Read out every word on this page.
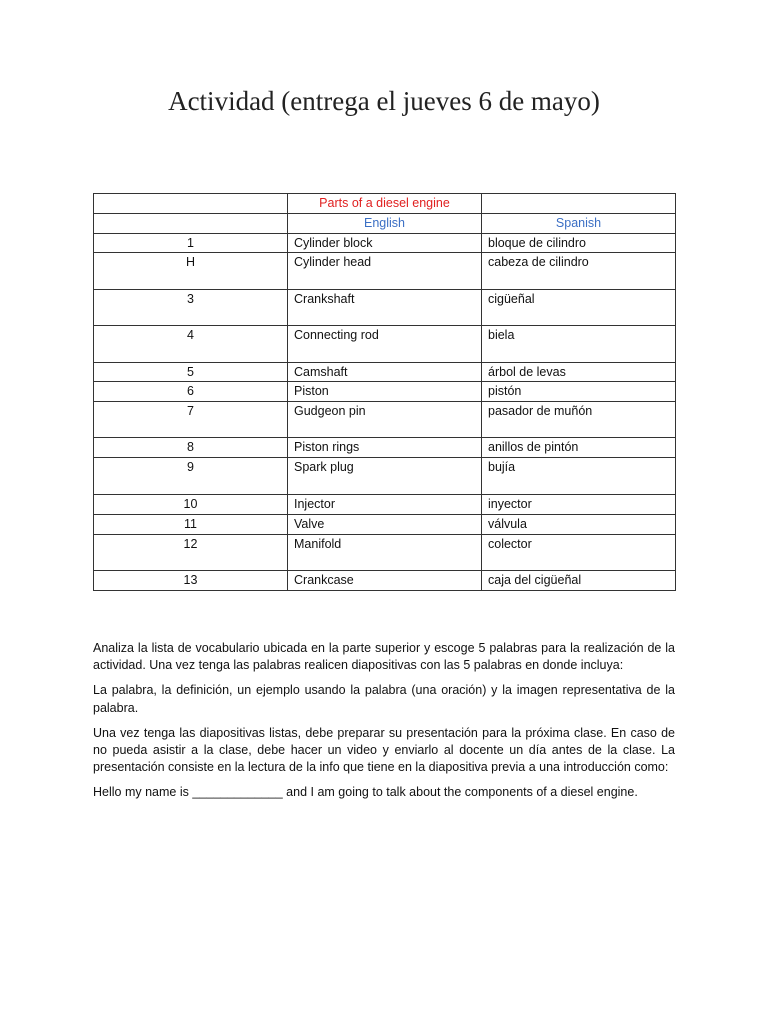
Actividad (entrega el jueves 6 de mayo)
	Parts of a diesel engine	
	English	Spanish
1	Cylinder block	bloque de cilindro
H	Cylinder head	cabeza de cilindro
3	Crankshaft	cigüeñal
4	Connecting rod	biela
5	Camshaft	árbol de levas
6	Piston	pistón
7	Gudgeon pin	pasador de muñón
8	Piston rings	anillos de pintón
9	Spark plug	bujía
10	Injector	inyector
11	Valve	válvula
12	Manifold	colector
13	Crankcase	caja del cigüeñal

Analiza la lista de vocabulario ubicada en la parte superior y escoge 5 palabras para la realización de la actividad. Una vez tenga las palabras realicen diapositivas con las 5 palabras en donde incluya:

La palabra, la definición, un ejemplo usando la palabra (una oración) y la imagen representativa de la palabra.

Una vez tenga las diapositivas listas, debe preparar su presentación para la próxima clase. En caso de no pueda asistir a la clase, debe hacer un video y enviarlo al docente un día antes de la clase. La presentación consiste en la lectura de la info que tiene en la diapositiva previa a una introducción como:

Hello my name is _____________ and I am going to talk about the components of a diesel engine.
